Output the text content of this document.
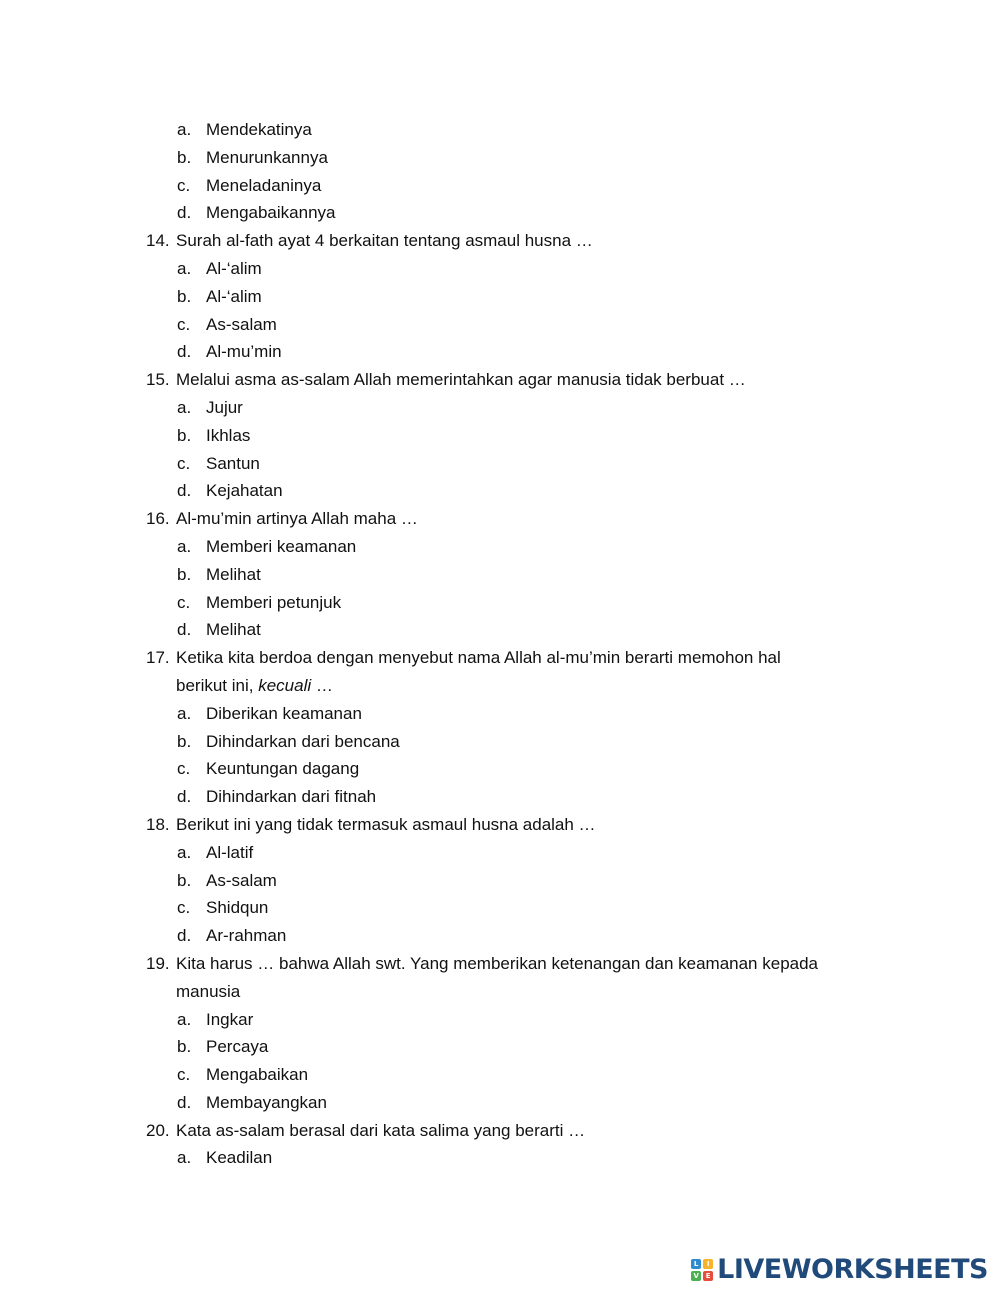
a. Mendekatinya
b. Menurunkannya
c. Meneladaninya
d. Mengabaikannya
14. Surah al-fath ayat 4 berkaitan tentang asmaul husna …
a. Al-‘alim
b. Al-‘alim
c. As-salam
d. Al-mu’min
15. Melalui asma as-salam Allah memerintahkan agar manusia tidak berbuat …
a. Jujur
b. Ikhlas
c. Santun
d. Kejahatan
16. Al-mu’min artinya Allah maha …
a. Memberi keamanan
b. Melihat
c. Memberi petunjuk
d. Melihat
17. Ketika kita berdoa dengan menyebut nama Allah al-mu’min berarti memohon hal
berikut ini, kecuali …
a. Diberikan keamanan
b. Dihindarkan dari bencana
c. Keuntungan dagang
d. Dihindarkan dari fitnah
18. Berikut ini yang tidak termasuk asmaul husna adalah …
a. Al-latif
b. As-salam
c. Shidqun
d. Ar-rahman
19. Kita harus … bahwa Allah swt. Yang memberikan ketenangan dan keamanan kepada
manusia
a. Ingkar
b. Percaya
c. Mengabaikan
d. Membayangkan
20. Kata as-salam berasal dari kata salima yang berarti …
a. Keadilan
L	I
V E LIVEWORKSHEETS
